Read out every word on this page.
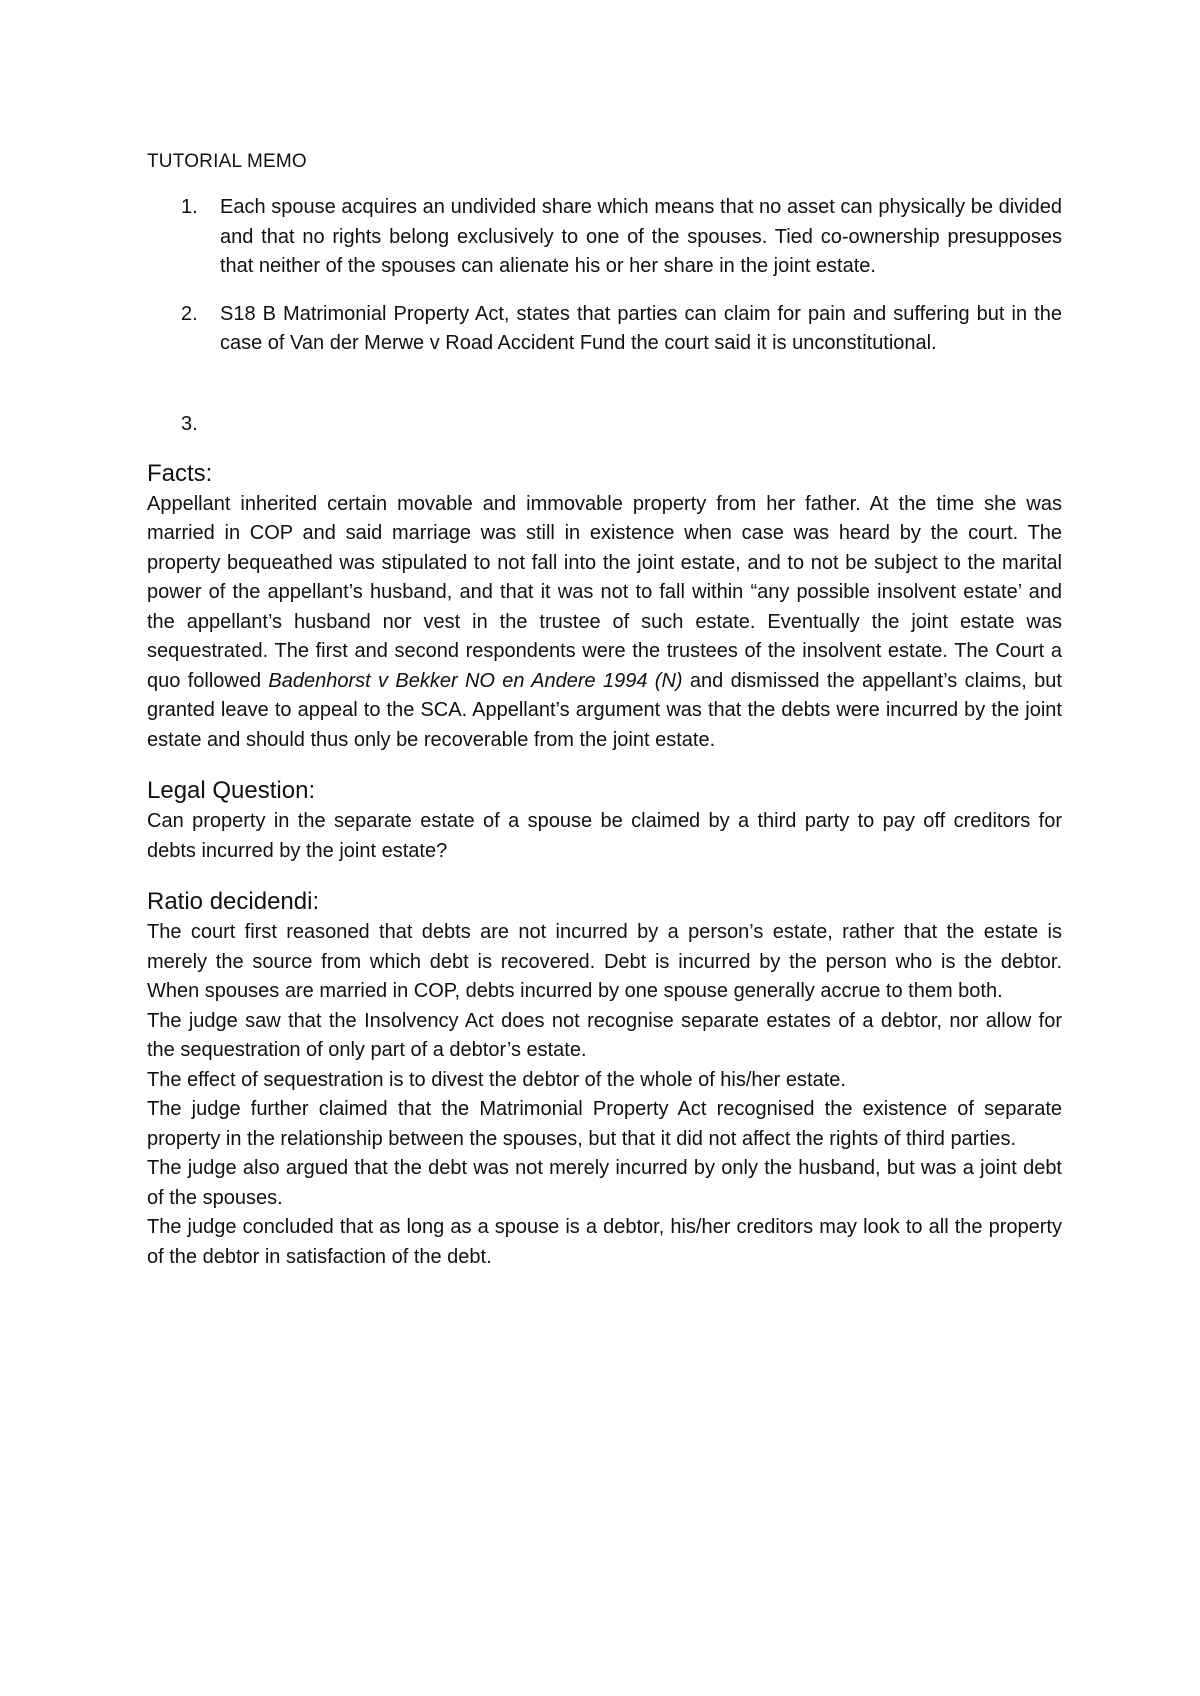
TUTORIAL MEMO
1. Each spouse acquires an undivided share which means that no asset can physically be divided and that no rights belong exclusively to one of the spouses. Tied co-ownership presupposes that neither of the spouses can alienate his or her share in the joint estate.
2. S18 B Matrimonial Property Act, states that parties can claim for pain and suffering but in the case of Van der Merwe v Road Accident Fund the court said it is unconstitutional.
3.
Facts:

Appellant inherited certain movable and immovable property from her father. At the time she was married in COP and said marriage was still in existence when case was heard by the court. The property bequeathed was stipulated to not fall into the joint estate, and to not be subject to the marital power of the appellant’s husband, and that it was not to fall within “any possible insolvent estate’ and the appellant’s husband nor vest in the trustee of such estate. Eventually the joint estate was sequestrated. The first and second respondents were the trustees of the insolvent estate. The Court a quo followed Badenhorst v Bekker NO en Andere 1994 (N) and dismissed the appellant’s claims, but granted leave to appeal to the SCA. Appellant’s argument was that the debts were incurred by the joint estate and should thus only be recoverable from the joint estate.

Legal Question:

Can property in the separate estate of a spouse be claimed by a third party to pay off creditors for debts incurred by the joint estate?

Ratio decidendi:

The court first reasoned that debts are not incurred by a person’s estate, rather that the estate is merely the source from which debt is recovered. Debt is incurred by the person who is the debtor. When spouses are married in COP, debts incurred by one spouse generally accrue to them both.

The judge saw that the Insolvency Act does not recognise separate estates of a debtor, nor allow for the sequestration of only part of a debtor’s estate.

The effect of sequestration is to divest the debtor of the whole of his/her estate.

The judge further claimed that the Matrimonial Property Act recognised the existence of separate property in the relationship between the spouses, but that it did not affect the rights of third parties.

The judge also argued that the debt was not merely incurred by only the husband, but was a joint debt of the spouses.

The judge concluded that as long as a spouse is a debtor, his/her creditors may look to all the property of the debtor in satisfaction of the debt.
